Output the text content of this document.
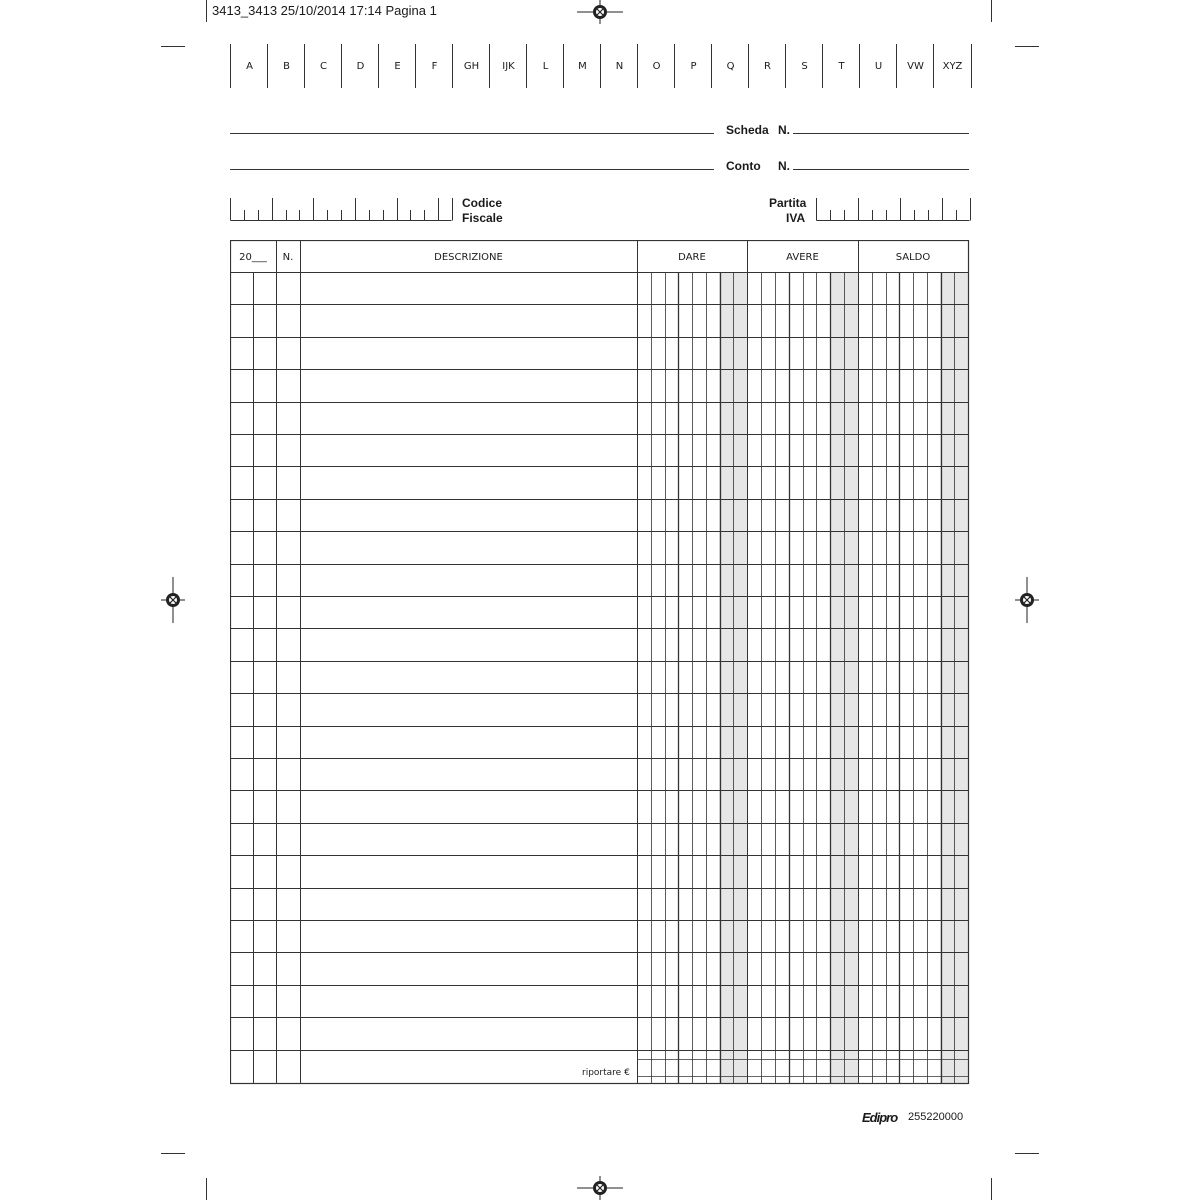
3413_3413 25/10/2014 17:14 Pagina 1
A	B	C	D	E	F	GH	IJK	L	M	N	O	P	Q	R	S	T	U	VW	XYZ
Scheda N.
Conto N.
Codice
Fiscale
Partita
IVA
20___	N.	DESCRIZIONE	DARE	AVERE	SALDO
riportare €
Edipro 255220000
